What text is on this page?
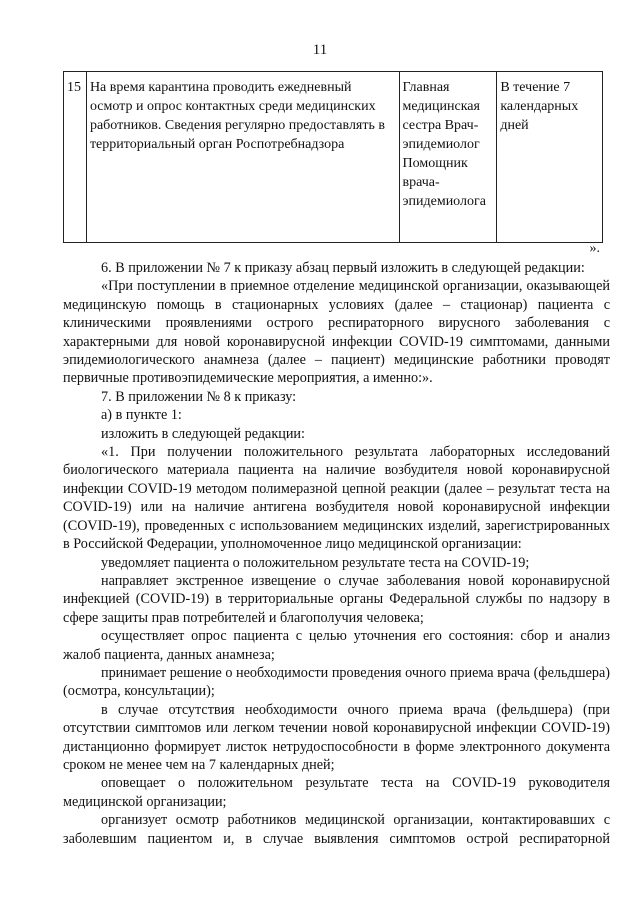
11
15	На время карантина проводить ежедневный осмотр и опрос контактных среди медицинских работников. Сведения регулярно предоставлять в территориальный орган Роспотребнадзора	Главная медицинская сестра Врач-эпидемиолог Помощник врача-эпидемиолога	В течение 7 календарных дней
».

6. В приложении № 7 к приказу абзац первый изложить в следующей редакции:

«При поступлении в приемное отделение медицинской организации, оказывающей медицинскую помощь в стационарных условиях (далее – стационар) пациента с клиническими проявлениями острого респираторного вирусного заболевания с характерными для новой коронавирусной инфекции COVID-19 симптомами, данными эпидемиологического анамнеза (далее – пациент) медицинские работники проводят первичные противоэпидемические мероприятия, а именно:».

7. В приложении № 8 к приказу:

а) в пункте 1:

изложить в следующей редакции:

«1. При получении положительного результата лабораторных исследований биологического материала пациента на наличие возбудителя новой коронавирусной инфекции COVID-19 методом полимеразной цепной реакции (далее – результат теста на COVID-19) или на наличие антигена возбудителя новой коронавирусной инфекции (COVID-19), проведенных с использованием медицинских изделий, зарегистрированных в Российской Федерации, уполномоченное лицо медицинской организации:

уведомляет пациента о положительном результате теста на COVID-19;

направляет экстренное извещение о случае заболевания новой коронавирусной инфекцией (COVID-19) в территориальные органы Федеральной службы по надзору в сфере защиты прав потребителей и благополучия человека;

осуществляет опрос пациента с целью уточнения его состояния: сбор и анализ жалоб пациента, данных анамнеза;

принимает решение о необходимости проведения очного приема врача (фельдшера) (осмотра, консультации);

в случае отсутствия необходимости очного приема врача (фельдшера) (при отсутствии симптомов или легком течении новой коронавирусной инфекции COVID-19) дистанционно формирует листок нетрудоспособности в форме электронного документа сроком не менее чем на 7 календарных дней;

оповещает о положительном результате теста на COVID-19 руководителя медицинской организации;

организует осмотр работников медицинской организации, контактировавших с заболевшим пациентом и, в случае выявления симптомов острой респираторной
